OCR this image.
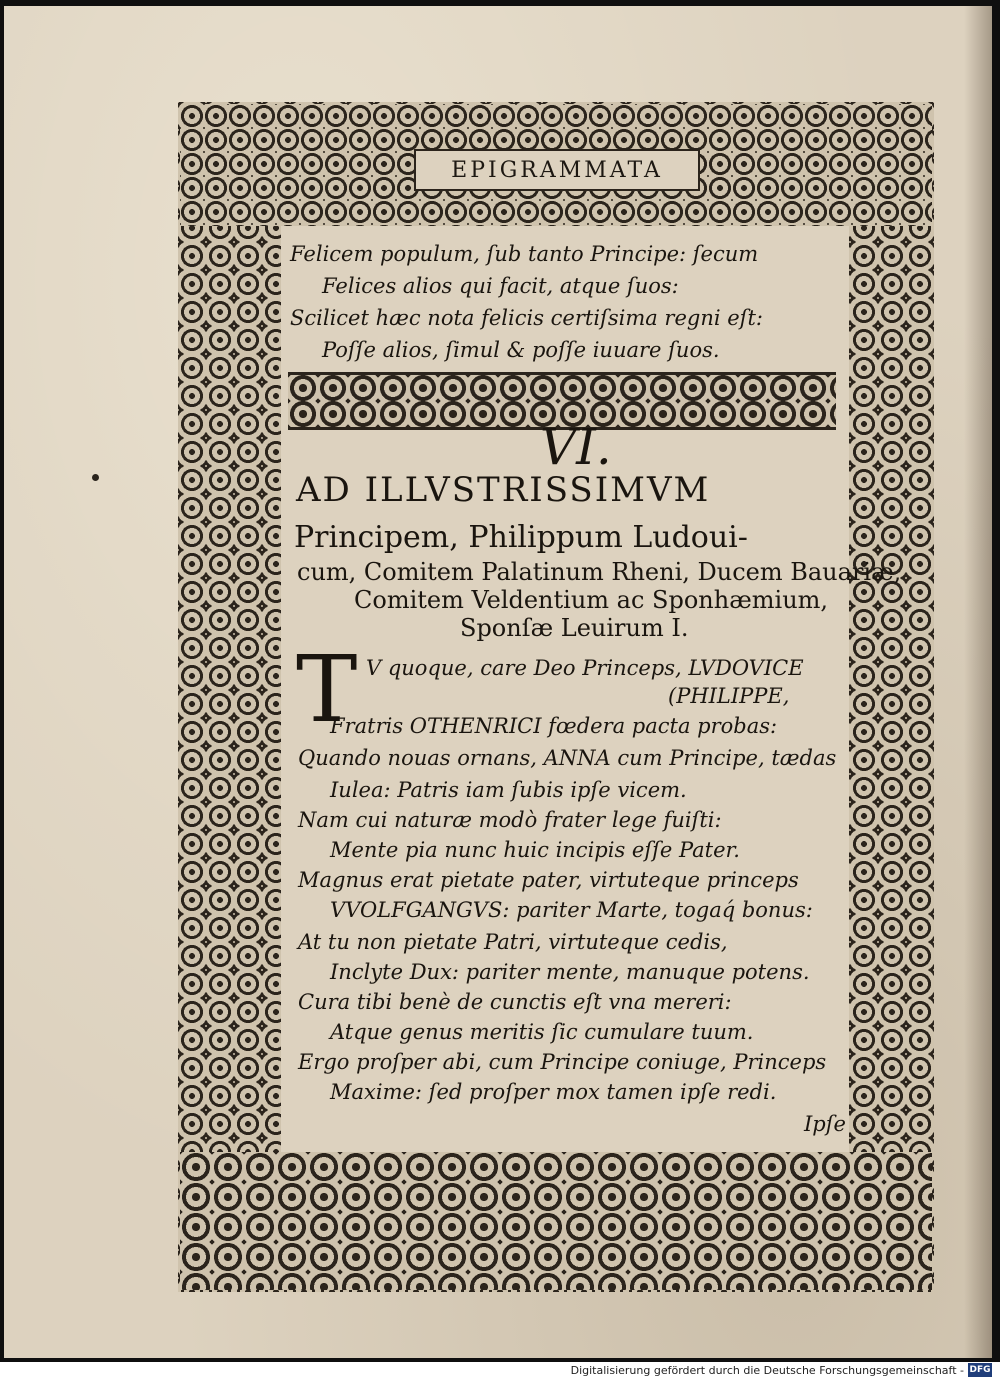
EPIGRAMMATA
Felicem populum, ſub tanto Principe: ſecum
Felices alios qui facit, atque ſuos:
Scilicet hæc nota felicis certiſsima regni eſt:
Poſſe alios, ſimul & poſſe iuuare ſuos.
VI.
AD ILLVSTRISSIMVM
Principem, Philippum Ludoui-
cum, Comitem Palatinum Rheni, Ducem Bauariæ,
Comitem Veldentium ac Sponhæmium,
Sponſæ Leuirum I.
T V quoque, care Deo Princeps, LVDOVICE
(PHILIPPE,
Fratris OTHENRICI fœdera pacta probas:
Quando nouas ornans, ANNA cum Principe, tædas
Iulea: Patris iam ſubis ipſe vicem.
Nam cui naturæ modò frater lege fuiſti:
Mente pia nunc huic incipis eſſe Pater.
Magnus erat pietate pater, virtuteque princeps
VVOLFGANGVS: pariter Marte, togaq́ bonus:
At tu non pietate Patri, virtuteque cedis,
Inclyte Dux: pariter mente, manuque potens.
Cura tibi benè de cunctis eſt vna mereri:
Atque genus meritis ſic cumulare tuum.
Ergo proſper abi, cum Principe coniuge, Princeps
Maxime: ſed proſper mox tamen ipſe redi.
Ipſe
Digitalisierung gefördert durch die Deutsche Forschungsgemeinschaft - DFG
